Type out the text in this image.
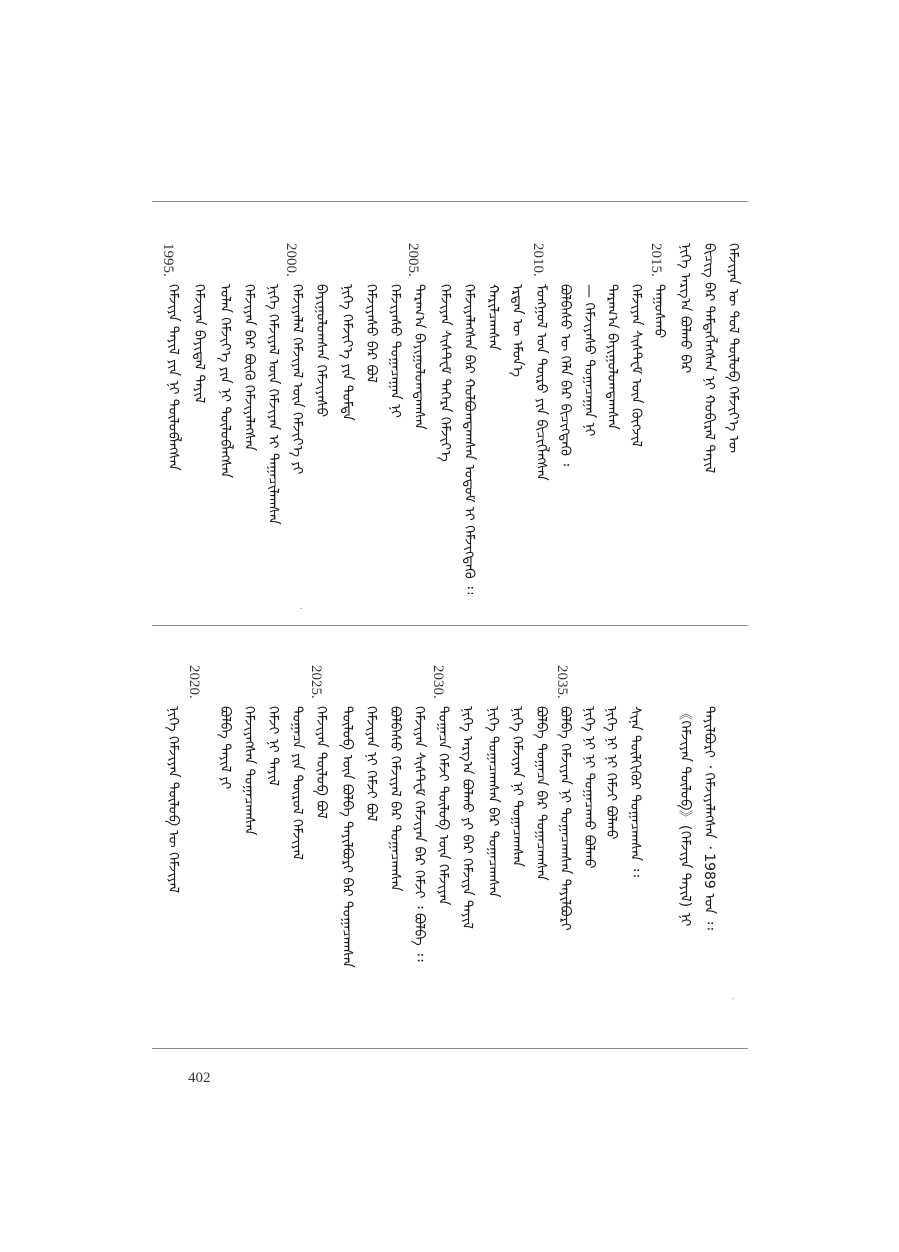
2015.
2010.
2005.
2000.
1995.	ᠬᠡᠮᠵᠢᠶᠡᠨ ᠦ ᠳᠤᠯ ᠲᠥᠯᠦᠪ ᠬᠡᠮᠵᠢᠶ᠎ᠡ ᠦ
ᠪᠢᠴᠢᠭ ᠪᠡᠷ ᠲᠡᠮᠳᠡᠭᠯᠡᠭᠰᠡᠨ ᠨᠢ ᠬᠤᠪᠢᠷᠠᠯ ᠲᠠᠶᠢᠯ
ᠨᠢᠭᠡ ᠠᠷᠭ᠎ᠠ ᠪᠣᠯᠬᠤ ᠪᠠᠷ
ᠳᠠᠭᠤᠰᠬᠤ
ᠬᠡᠮᠵᠢᠶᠡᠨ ᠰᠢᠰᠲ᠋ᠧᠮ ᠦᠨ ᠬᠥᠭᠵᠢᠯ
ᠳᠠᠷᠠᠭ᠎ᠠ ᠪᠠᠶᠢᠭᠤᠯᠤᠭᠳᠠᠭᠰᠠᠨ
— ᠬᠡᠮᠵᠢᠶᠡᠰᠦ ᠲᠣᠭᠠᠴᠠᠭᠠᠨ ᠨᠢ
ᠪᠣᠯᠪᠠᠰᠤ ᠦ ᠬᠡᠯᠡ ᠪᠡᠷ ᠪᠢᠴᠢᠭᠳᠡᠭᠦ ᠄
ᠮᠣᠩᠭᠣᠯ ᠤᠨ ᠲᠥᠷᠦ ᠶᠢᠨ ᠪᠢᠴᠢᠭᠯᠡᠭᠰᠡᠨ
ᠡᠷᠲᠡᠨ ᠦ ᠡᠮᠦᠨ᠎ᠡ
ᠬᠠᠷᠢᠯᠴᠠᠭᠰᠠᠨ
ᠬᠡᠮᠵᠢᠶᠡᠯᠡᠭᠰᠡᠨ ᠪᠡᠷ ᠬᠣᠯᠪᠣᠭᠳᠠᠭᠰᠠᠨ ᠤᠳᠤᠮ ᠢ ᠬᠡᠮᠵᠢᠭᠳᠡᠬᠦ ᠄᠄
ᠬᠡᠮᠵᠢᠶᠡᠨ ᠰᠢᠰᠲ᠋ᠧᠮ ᠳᠡᠭᠡᠷᠡ ᠬᠡᠮᠵᠢᠶ᠎ᠡ
ᠳᠠᠷᠠᠭ᠎ᠠ ᠪᠠᠶᠢᠭᠤᠯᠤᠭᠳᠠᠭᠰᠠᠨ
ᠬᠡᠮᠵᠢᠶᠡᠰᠦ ᠲᠣᠭᠠᠴᠠᠭᠠᠨ ᠨᠢ
ᠬᠡᠮᠵᠢᠶᠡᠰᠦ ᠪᠠᠷ ᠪᠣᠯ
ᠨᠢᠭᠡ ᠬᠡᠮᠵᠢᠶ᠎ᠡ ᠶᠢᠨ ᠳᠤᠮᠳᠠ
ᠪᠠᠶᠢᠭᠤᠯᠤᠭᠰᠠᠨ ᠬᠡᠮᠵᠢᠶᠡᠰᠦ
ᠬᠡᠮᠵᠢᠶᠡᠯᠡᠯ ᠬᠡᠮᠵᠢᠶᠡᠯ ᠦᠨ ᠬᠡᠮᠵᠢᠶ᠎ᠡ ᠶᠢ
ᠨᠢᠭᠡ ᠬᠡᠮᠵᠢᠶᠡᠯ ᠦᠨ ᠬᠡᠮᠵᠢᠶᠡᠨ ᠢ ᠳᠠᠭᠠᠴᠢᠯᠠᠭᠰᠠᠨ
ᠬᠡᠮᠵᠢᠶᠡᠨ ᠪᠡᠷ ᠪᠦᠬᠦ ᠬᠡᠮᠵᠢᠶᠡᠯᠡᠭᠰᠡᠨ
ᠣᠯᠠᠨ ᠬᠡᠮᠵᠢᠶ᠎ᠡ ᠶᠢᠨ ᠨᠢ ᠲᠥᠯᠦᠪᠯᠡᠭᠰᠡᠨ
ᠬᠡᠮᠵᠢᠶᠡᠨ ᠪᠠᠶᠢᠳᠠᠯ ᠲᠠᠶᠢᠯ
ᠬᠡᠮᠵᠢᠶᠡ ᠲᠠᠶᠢᠯ ᠶᠢᠨ ᠨᠢ ᠲᠥᠯᠦᠪᠯᠡᠭᠰᠡᠨ
2035.
2030.
2025.
2020.
ᠲᠠᠶᠢᠯᠪᠤᠷᠢ ᠂ ᠬᠡᠮᠵᠢᠶᠡᠯᠡᠭᠰᠡᠨ ᠂ 1989 ᠣᠨ ᠄᠄
《ᠬᠡᠮᠵᠢᠶᠡᠨ ᠲᠥᠯᠦᠪ》(ᠬᠡᠮᠵᠢᠶᠡ ᠲᠠᠶᠢᠯ) ᠨᠢ
ᠰᠢᠨᠡ ᠲᠦᠯᠬᠢᠭᠦᠷ ᠲᠣᠭᠠᠴᠠᠭᠰᠠᠨ ᠄᠄
ᠨᠢᠭᠡ ᠨᠢ ᠨᠢ ᠬᠡᠮᠵᠢ ᠪᠣᠯᠬᠤ
ᠨᠢᠭᠡ ᠨᠢ ᠨᠢ ᠲᠣᠭᠠᠴᠠᠬᠤ ᠪᠣᠯᠬᠤ
ᠪᠣᠯᠪᠠ ᠬᠡᠮᠵᠢᠶᠡᠨ ᠨᠢ ᠲᠣᠭᠠᠴᠠᠭᠰᠠᠨ ᠲᠠᠶᠢᠯᠪᠤᠷᠢ
ᠪᠣᠯᠪᠠ ᠲᠣᠭᠠᠴᠠ ᠪᠠᠷ ᠲᠣᠭᠠᠴᠠᠭᠰᠠᠨ
ᠨᠢᠭᠡ ᠬᠡᠮᠵᠢᠶᠡᠨ ᠨᠢ ᠲᠣᠭᠠᠴᠠᠭᠰᠠᠨ
ᠨᠢᠭᠡ ᠲᠣᠭᠠᠴᠠᠭᠰᠠᠨ ᠪᠠᠷ ᠲᠣᠭᠠᠴᠠᠭᠰᠠᠨ
ᠨᠢᠭᠡ ᠠᠷᠭ᠎ᠠ ᠪᠣᠯᠬᠤ ᠶᠢ ᠪᠠᠷ ᠬᠡᠮᠵᠢᠶᠡ ᠲᠠᠶᠢᠯ
ᠲᠣᠭᠠᠴᠠ ᠬᠡᠮᠵᠢ ᠲᠥᠯᠦᠪ ᠦᠨ ᠬᠡᠮᠵᠢᠶᠡᠨ
ᠬᠡᠮᠵᠢᠶᠡᠨ ᠰᠢᠰᠲ᠋ᠧᠮ ᠬᠡᠮᠵᠢᠶᠡᠨ ᠪᠡᠷ ᠬᠡᠮᠵᠢ ᠄ ᠪᠣᠯᠪᠠ ᠄᠄
ᠪᠣᠯᠪᠠᠰᠤ ᠬᠡᠮᠵᠢᠶᠡᠯ ᠪᠡᠷ ᠲᠣᠭᠠᠴᠠᠭᠰᠠᠨ
ᠬᠡᠮᠵᠢᠶᠡᠨ ᠨᠢ ᠬᠡᠮᠵᠢ ᠪᠣᠯ
ᠲᠥᠯᠦᠪ ᠦᠨ ᠪᠣᠯᠪᠠ ᠲᠠᠶᠢᠯᠪᠤᠷᠢ ᠪᠡᠷ ᠲᠣᠭᠠᠴᠠᠭᠰᠠᠨ
ᠬᠡᠮᠵᠢᠶᠡᠨ ᠲᠥᠯᠦᠪ ᠪᠣᠯ
ᠲᠣᠭᠠᠴᠠ ᠶᠢᠨ ᠲᠥᠷᠦᠯ ᠬᠡᠮᠵᠢᠶᠡᠯ
ᠬᠡᠮᠵᠢ ᠨᠢ ᠲᠠᠶᠢᠯ
ᠬᠡᠮᠵᠢᠶᠡᠭᠰᠡᠨ ᠲᠣᠭᠠᠴᠠᠭᠰᠠᠨ
ᠪᠣᠯᠪᠠ ᠲᠠᠶᠢᠯ ᠶᠢ
ᠨᠢᠭᠡ ᠬᠡᠮᠵᠢᠶᠡᠨ ᠲᠥᠯᠦᠪ ᠦ ᠬᠡᠮᠵᠢᠶᠡᠯ
402
